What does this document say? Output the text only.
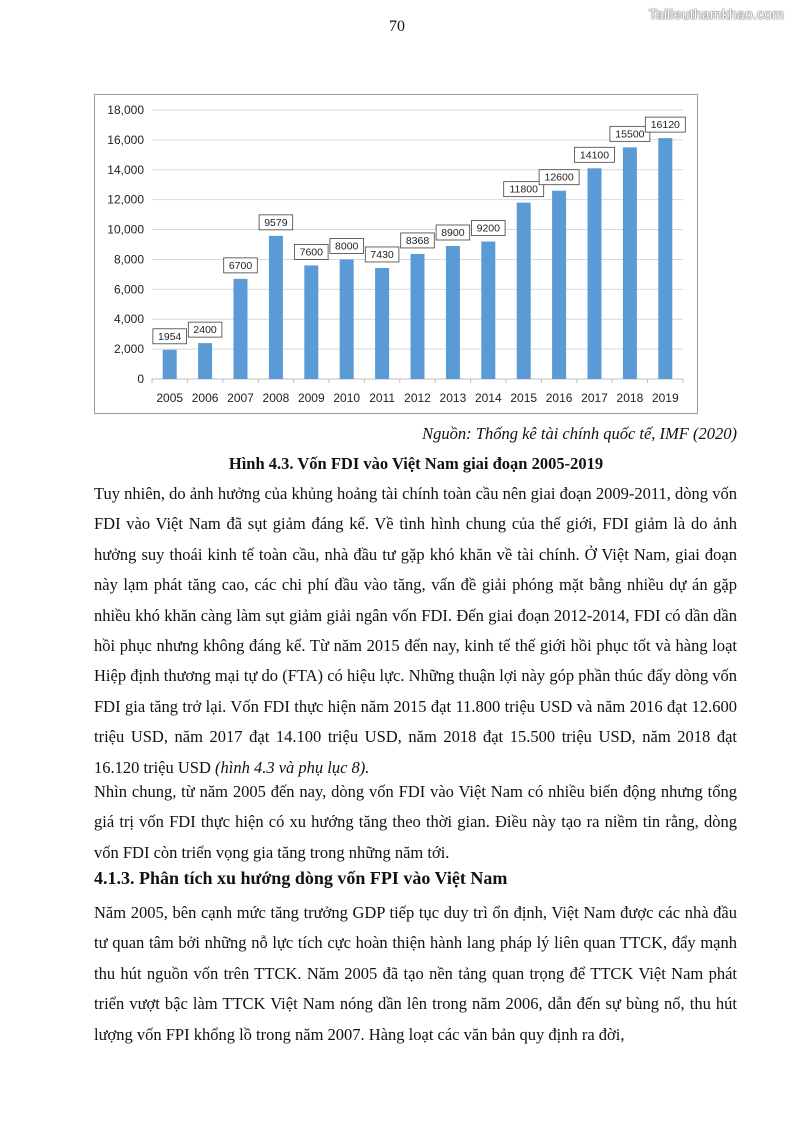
Tailieuthamkhao.com
70
0
2,000
4,000
6,000
8,000
10,000
12,000
14,000
16,000
18,000
2005
1954
2006
2400
2007
6700
2008
9579
2009
7600
2010
8000
2011
7430
2012
8368
2013
8900
2014
9200
2015
11800
2016
12600
2017
14100
2018
15500
2019
16120
Nguồn: Thống kê tài chính quốc tế, IMF (2020)
Hình 4.3. Vốn FDI vào Việt Nam giai đoạn 2005-2019

Tuy nhiên, do ảnh hưởng của khủng hoảng tài chính toàn cầu nên giai đoạn 2009-2011, dòng vốn FDI vào Việt Nam đã sụt giảm đáng kể. Về tình hình chung của thế giới, FDI giảm là do ảnh hưởng suy thoái kinh tế toàn cầu, nhà đầu tư gặp khó khăn về tài chính. Ở Việt Nam, giai đoạn này lạm phát tăng cao, các chi phí đầu vào tăng, vấn đề giải phóng mặt bằng nhiều dự án gặp nhiều khó khăn càng làm sụt giảm giải ngân vốn FDI. Đến giai đoạn 2012-2014, FDI có dần dần hồi phục nhưng không đáng kể. Từ năm 2015 đến nay, kinh tế thế giới hồi phục tốt và hàng loạt Hiệp định thương mại tự do (FTA) có hiệu lực. Những thuận lợi này góp phần thúc đẩy dòng vốn FDI gia tăng trở lại. Vốn FDI thực hiện năm 2015 đạt 11.800 triệu USD và năm 2016 đạt 12.600 triệu USD, năm 2017 đạt 14.100 triệu USD, năm 2018 đạt 15.500 triệu USD, năm 2018 đạt 16.120 triệu USD (hình 4.3 và phụ lục 8).

Nhìn chung, từ năm 2005 đến nay, dòng vốn FDI vào Việt Nam có nhiều biến động nhưng tổng giá trị vốn FDI thực hiện có xu hướng tăng theo thời gian. Điều này tạo ra niềm tin rằng, dòng vốn FDI còn triển vọng gia tăng trong những năm tới.

4.1.3. Phân tích xu hướng dòng vốn FPI vào Việt Nam

Năm 2005, bên cạnh mức tăng trưởng GDP tiếp tục duy trì ổn định, Việt Nam được các nhà đầu tư quan tâm bởi những nỗ lực tích cực hoàn thiện hành lang pháp lý liên quan TTCK, đẩy mạnh thu hút nguồn vốn trên TTCK. Năm 2005 đã tạo nền tảng quan trọng để TTCK Việt Nam phát triển vượt bậc làm TTCK Việt Nam nóng dần lên trong năm 2006, dẫn đến sự bùng nổ, thu hút lượng vốn FPI khổng lồ trong năm 2007. Hàng loạt các văn bản quy định ra đời,
